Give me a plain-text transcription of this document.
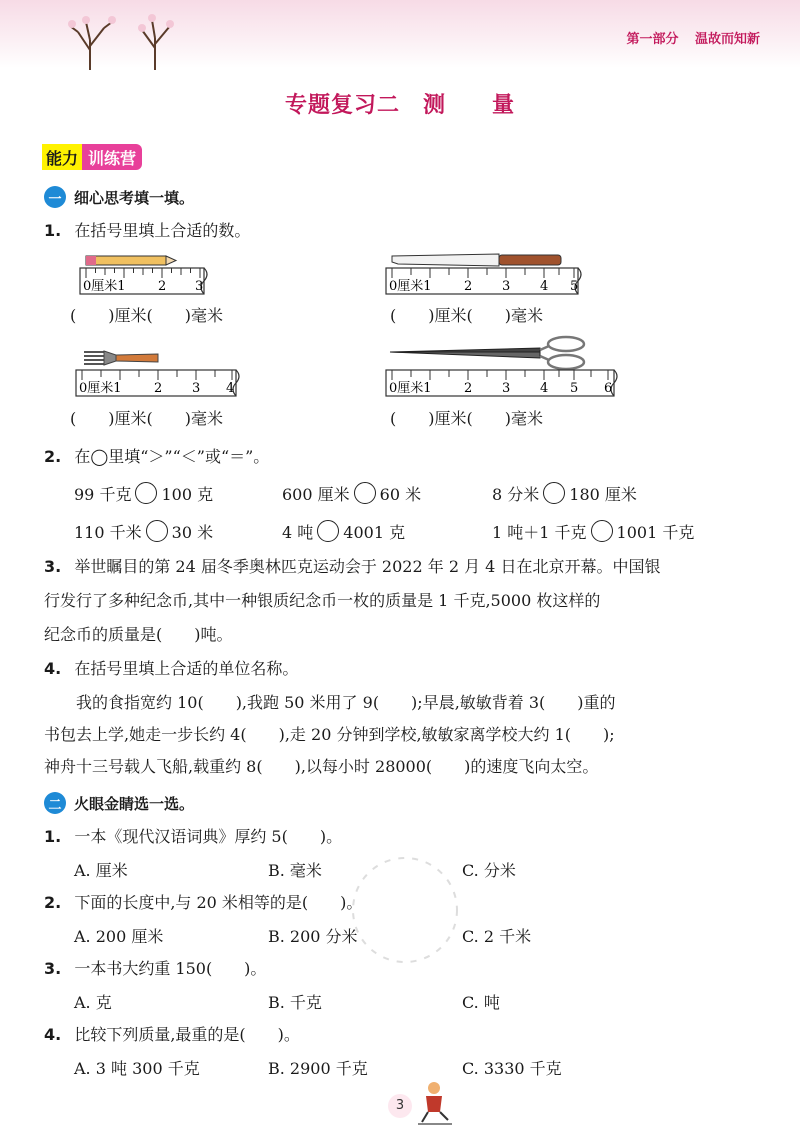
第一部分 温故而知新
专题复习二　测　　量
能力 训练营
一 细心思考填一填。
1. 在括号里填上合适的数。
0厘米1 2 3
(　　)厘米(　　)毫米
0厘米1 2 3 4 5
(　　)厘米(　　)毫米
0厘米1 2 3 4
(　　)厘米(　　)毫米
0厘米1 2 3 4 5 6
(　　)厘米(　　)毫米
2. 在◯里填“＞”“＜”或“＝”。
99 千克 100 克	600 厘米 60 米	8 分米 180 厘米
110 千米 30 米	4 吨 4001 克	1 吨＋1 千克 1001 千克
3. 举世瞩目的第 24 届冬季奥林匹克运动会于 2022 年 2 月 4 日在北京开幕。中国银
行发行了多种纪念币,其中一种银质纪念币一枚的质量是 1 千克,5000 枚这样的
纪念币的质量是(　　)吨。
4. 在括号里填上合适的单位名称。
我的食指宽约 10(　　),我跑 50 米用了 9(　　);早晨,敏敏背着 3(　　)重的
书包去上学,她走一步长约 4(　　),走 20 分钟到学校,敏敏家离学校大约 1(　　);
神舟十三号载人飞船,载重约 8(　　),以每小时 28000(　　)的速度飞向太空。
二 火眼金睛选一选。
1. 一本《现代汉语词典》厚约 5(　　)。
A. 厘米	B. 毫米	C. 分米
2. 下面的长度中,与 20 米相等的是(　　)。
A. 200 厘米	B. 200 分米	C. 2 千米
3. 一本书大约重 150(　　)。
A. 克	B. 千克	C. 吨
4. 比较下列质量,最重的是(　　)。
A. 3 吨 300 千克	B. 2900 千克	C. 3330 千克
3
